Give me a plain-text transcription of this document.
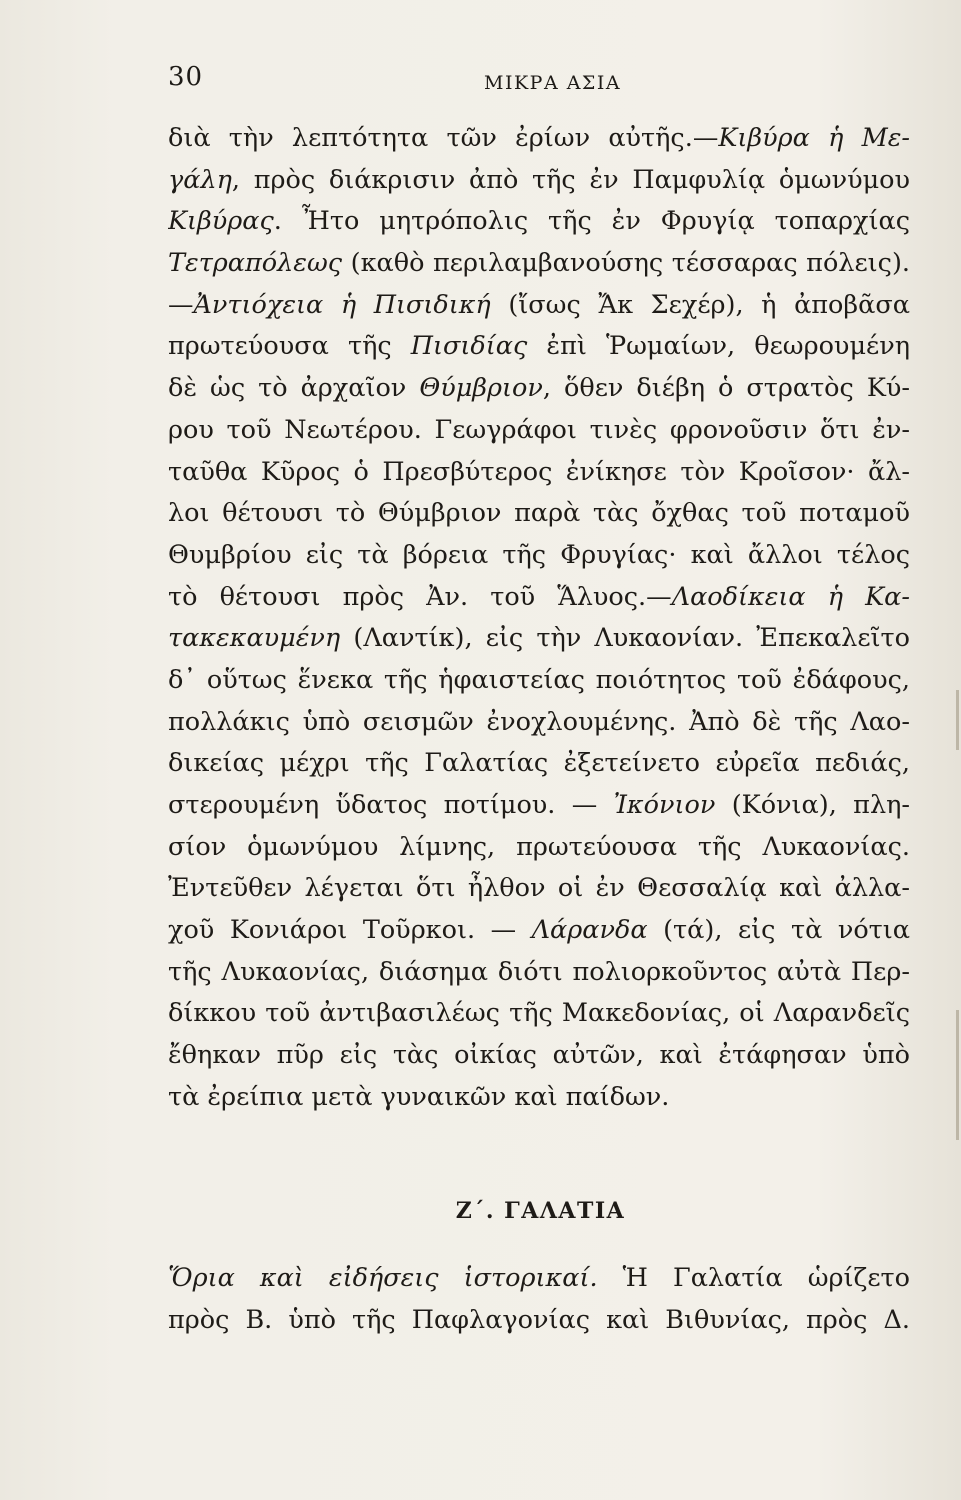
30	ΜΙΚΡΑ ΑΣΙΑ
διὰ τὴν λεπτότητα τῶν ἐρίων αὐτῆς.—Κιβύρα ἡ Με-
γάλη, πρὸς διάκρισιν ἀπὸ τῆς ἐν Παμφυλίᾳ ὁμωνύμου
Κιβύρας. Ἦτο μητρόπολις τῆς ἐν Φρυγίᾳ τοπαρχίας
Τετραπόλεως (καθὸ περιλαμβανούσης τέσσαρας πόλεις).
—Ἀντιόχεια ἡ Πισιδική (ἴσως Ἄκ Σεχέρ), ἡ ἀποβᾶσα
πρωτεύουσα τῆς Πισιδίας ἐπὶ Ῥωμαίων, θεωρουμένη
δὲ ὡς τὸ ἀρχαῖον Θύμβριον, ὅθεν διέβη ὁ στρατὸς Κύ-
ρου τοῦ Νεωτέρου. Γεωγράφοι τινὲς φρονοῦσιν ὅτι ἐν-
ταῦθα Κῦρος ὁ Πρεσβύτερος ἐνίκησε τὸν Κροῖσον· ἄλ-
λοι θέτουσι τὸ Θύμβριον παρὰ τὰς ὄχθας τοῦ ποταμοῦ
Θυμβρίου εἰς τὰ βόρεια τῆς Φρυγίας· καὶ ἄλλοι τέλος
τὸ θέτουσι πρὸς Ἀν. τοῦ Ἅλυος.—Λαοδίκεια ἡ Κα-
τακεκαυμένη (Λαντίκ), εἰς τὴν Λυκαονίαν. Ἐπεκαλεῖτο
δ᾽ οὕτως ἕνεκα τῆς ἡφαιστείας ποιότητος τοῦ ἐδάφους,
πολλάκις ὑπὸ σεισμῶν ἐνοχλουμένης. Ἀπὸ δὲ τῆς Λαο-
δικείας μέχρι τῆς Γαλατίας ἐξετείνετο εὐρεῖα πεδιάς,
στερουμένη ὕδατος ποτίμου. — Ἰκόνιον (Κόνια), πλη-
σίον ὁμωνύμου λίμνης, πρωτεύουσα τῆς Λυκαονίας.
Ἐντεῦθεν λέγεται ὅτι ἦλθον οἱ ἐν Θεσσαλίᾳ καὶ ἀλλα-
χοῦ Κονιάροι Τοῦρκοι. — Λάρανδα (τά), εἰς τὰ νότια
τῆς Λυκαονίας, διάσημα διότι πολιορκοῦντος αὐτὰ Περ-
δίκκου τοῦ ἀντιβασιλέως τῆς Μακεδονίας, οἱ Λαρανδεῖς
ἔθηκαν πῦρ εἰς τὰς οἰκίας αὐτῶν, καὶ ἐτάφησαν ὑπὸ
τὰ ἐρείπια μετὰ γυναικῶν καὶ παίδων.
Ζ΄. ΓΑΛΑΤΙΑ
Ὅρια καὶ εἰδήσεις ἱστορικαί. Ἡ Γαλατία ὡρίζετο
πρὸς Β. ὑπὸ τῆς Παφλαγονίας καὶ Βιθυνίας, πρὸς Δ.
